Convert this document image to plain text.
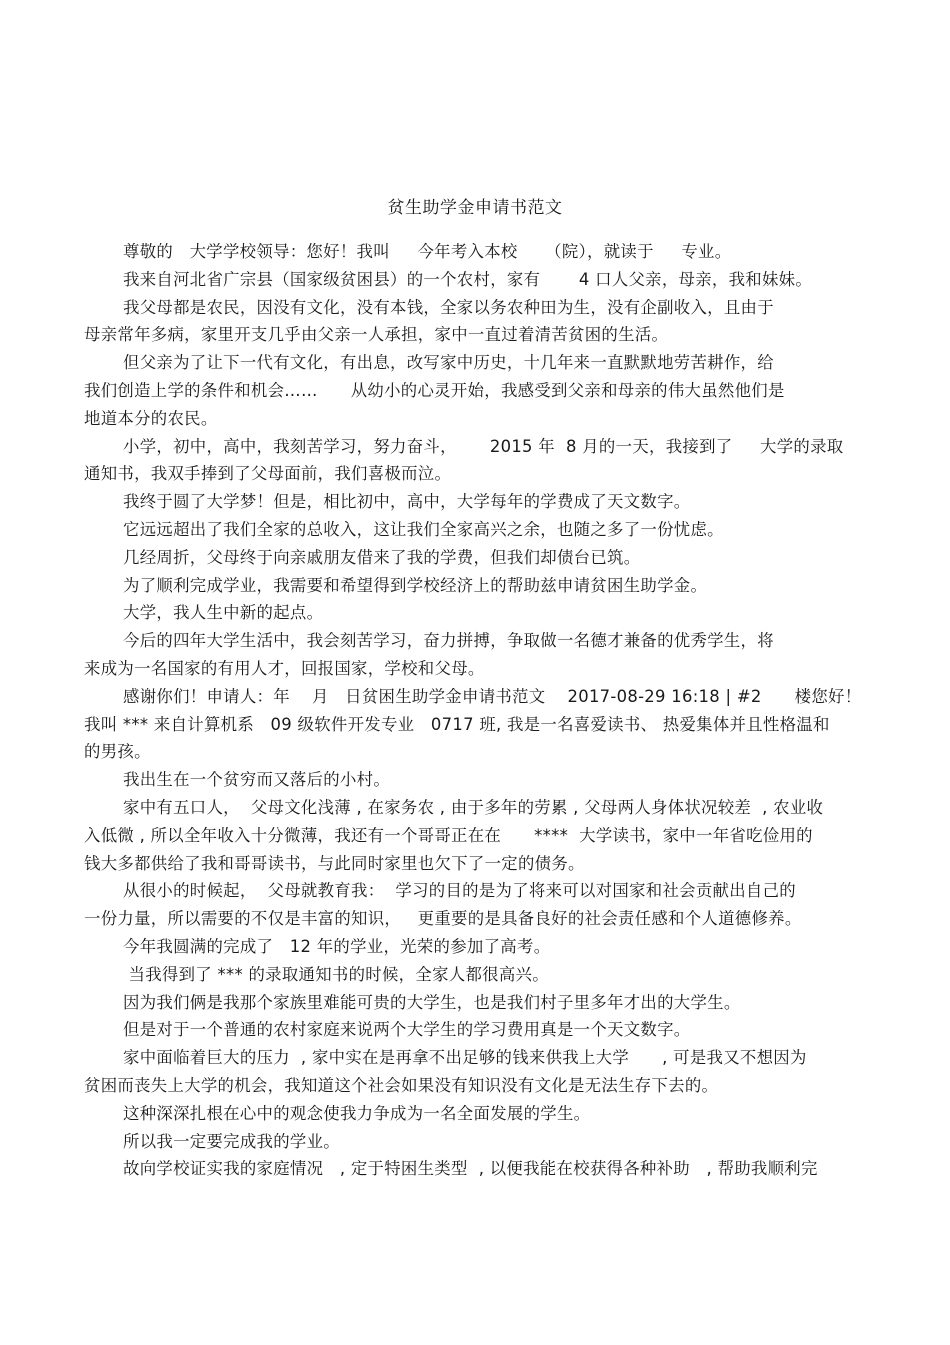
贫生助学金申请书范文
尊敬的   大学学校领导：您好！我叫     今年考入本校     （院），就读于     专业。
我来自河北省广宗县（国家级贫困县）的一个农村，家有       4 口人父亲，母亲，我和妹妹。
我父母都是农民，因没有文化，没有本钱，全家以务农种田为生，没有企副收入，且由于
母亲常年多病，家里开支几乎由父亲一人承担，家中一直过着清苦贫困的生活。
但父亲为了让下一代有文化，有出息，改写家中历史，十几年来一直默默地劳苦耕作，给
我们创造上学的条件和机会……      从幼小的心灵开始，我感受到父亲和母亲的伟大虽然他们是
地道本分的农民。
小学，初中，高中，我刻苦学习，努力奋斗，      2015 年  8 月的一天，我接到了     大学的录取
通知书，我双手捧到了父母面前，我们喜极而泣。
我终于圆了大学梦！但是，相比初中，高中，大学每年的学费成了天文数字。
它远远超出了我们全家的总收入，这让我们全家高兴之余，也随之多了一份忧虑。
几经周折，父母终于向亲戚朋友借来了我的学费，但我们却债台已筑。
为了顺利完成学业，我需要和希望得到学校经济上的帮助兹申请贫困生助学金。
大学，我人生中新的起点。
今后的四年大学生活中，我会刻苦学习，奋力拼搏，争取做一名德才兼备的优秀学生，将
来成为一名国家的有用人才，回报国家，学校和父母。
感谢你们！申请人：年    月   日贫困生助学金申请书范文    2017-08-29 16:18 | #2      楼您好！
我叫 *** 来自计算机系   09 级软件开发专业   0717 班, 我是一名喜爱读书、 热爱集体并且性格温和
的男孩。
我出生在一个贫穷而又落后的小村。
家中有五口人，  父母文化浅薄 , 在家务农 , 由于多年的劳累 , 父母两人身体状况较差  , 农业收
入低微 , 所以全年收入十分微薄，我还有一个哥哥正在在      ****  大学读书，家中一年省吃俭用的
钱大多都供给了我和哥哥读书，与此同时家里也欠下了一定的债务。
从很小的时候起，  父母就教育我：  学习的目的是为了将来可以对国家和社会贡献出自己的
一份力量，所以需要的不仅是丰富的知识，   更重要的是具备良好的社会责任感和个人道德修养。
今年我圆满的完成了   12 年的学业，光荣的参加了高考。
当我得到了 *** 的录取通知书的时候，全家人都很高兴。
因为我们俩是我那个家族里难能可贵的大学生，也是我们村子里多年才出的大学生。
但是对于一个普通的农村家庭来说两个大学生的学习费用真是一个天文数字。
家中面临着巨大的压力  , 家中实在是再拿不出足够的钱来供我上大学      , 可是我又不想因为
贫困而丧失上大学的机会，我知道这个社会如果没有知识没有文化是无法生存下去的。
这种深深扎根在心中的观念使我力争成为一名全面发展的学生。
所以我一定要完成我的学业。
故向学校证实我的家庭情况   , 定于特困生类型  , 以便我能在校获得各种补助   , 帮助我顺利完
